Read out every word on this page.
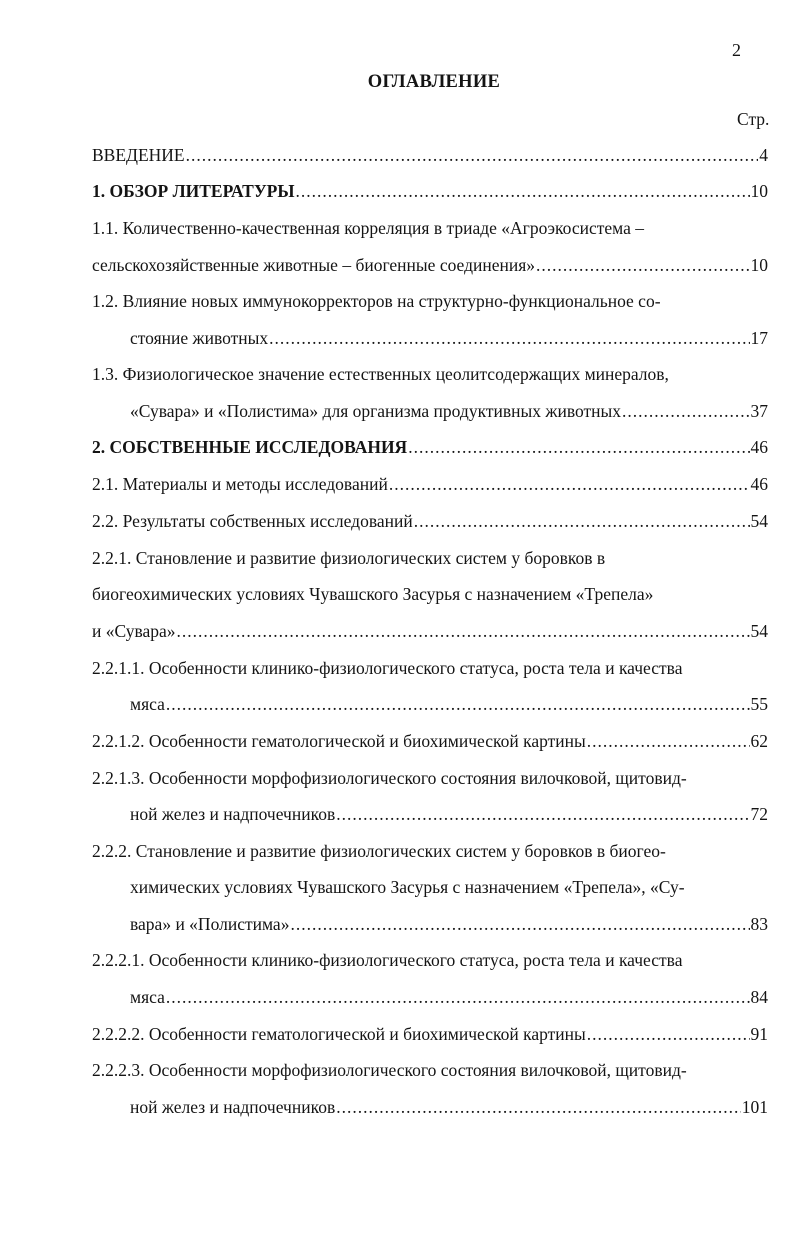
2
ОГЛАВЛЕНИЕ
Стр.
ВВЕДЕНИЕ .....	4
1. ОБЗОР ЛИТЕРАТУРЫ .....	10
1.1. Количественно-качественная корреляция в триаде «Агроэкосистема –
сельскохозяйственные животные – биогенные соединения» .....	10
1.2. Влияние новых иммунокорректоров на структурно-функциональное со-
стояние животных .....	17
1.3. Физиологическое значение естественных цеолитсодержащих минералов,
«Сувара» и «Полистима» для организма продуктивных животных .....	37
2. СОБСТВЕННЫЕ ИССЛЕДОВАНИЯ .....	46
2.1. Материалы и методы исследований .....	46
2.2. Результаты собственных исследований .....	54
2.2.1. Становление и развитие физиологических систем у боровков в
биогеохимических условиях Чувашского Засурья с назначением «Трепела»
и «Сувара» .....	54
2.2.1.1. Особенности клинико-физиологического статуса, роста тела и качества
мяса .....	55
2.2.1.2. Особенности гематологической и биохимической картины .....	62
2.2.1.3. Особенности морфофизиологического состояния вилочковой, щитовид-
ной желез и надпочечников .....	72
2.2.2. Становление и развитие физиологических систем у боровков в биогео-
химических условиях Чувашского Засурья с назначением «Трепела», «Су-
вара» и «Полистима» .....	83
2.2.2.1. Особенности клинико-физиологического статуса, роста тела и качества
мяса .....	84
2.2.2.2. Особенности гематологической и биохимической картины .....	91
2.2.2.3. Особенности морфофизиологического состояния вилочковой, щитовид-
ной желез и надпочечников .....	101
